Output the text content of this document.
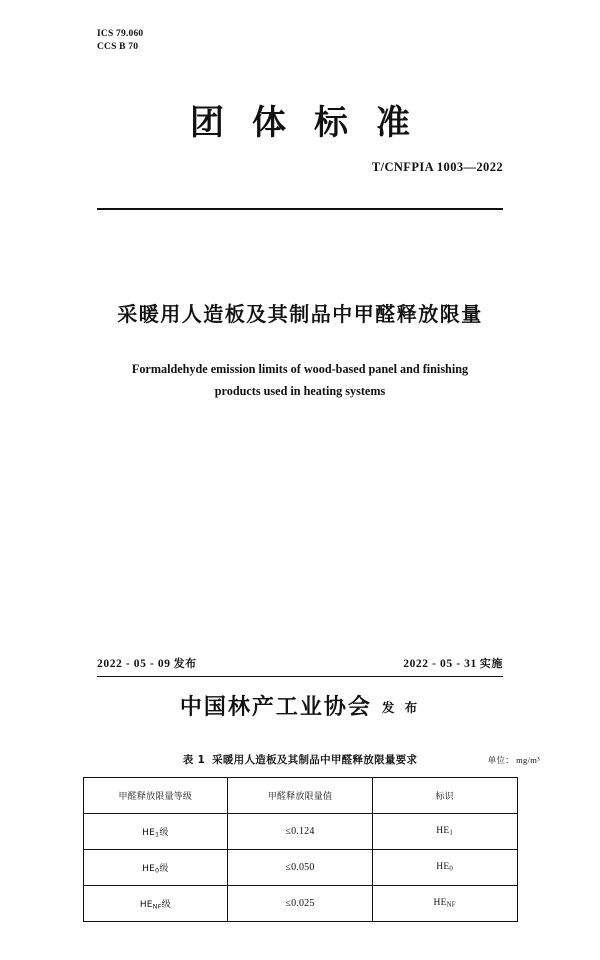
ICS 79.060
CCS B 70
团体标准
T/CNFPIA 1003—2022
采暖用人造板及其制品中甲醛释放限量
Formaldehyde emission limits of wood-based panel and finishing
products used in heating systems
2022 - 05 - 09 发布	2022 - 05 - 31 实施
中国林产工业协会 发 布
表 1 采暖用人造板及其制品中甲醛释放限量要求	单位： mg/m³
甲醛释放限量等级	甲醛释放限量值	标识
$HE_1$级	≤0.124	$HE_1$
$HE_0$级	≤0.050	$HE_0$
$HE_{NF}$级	≤0.025	$HE_{NF}$
